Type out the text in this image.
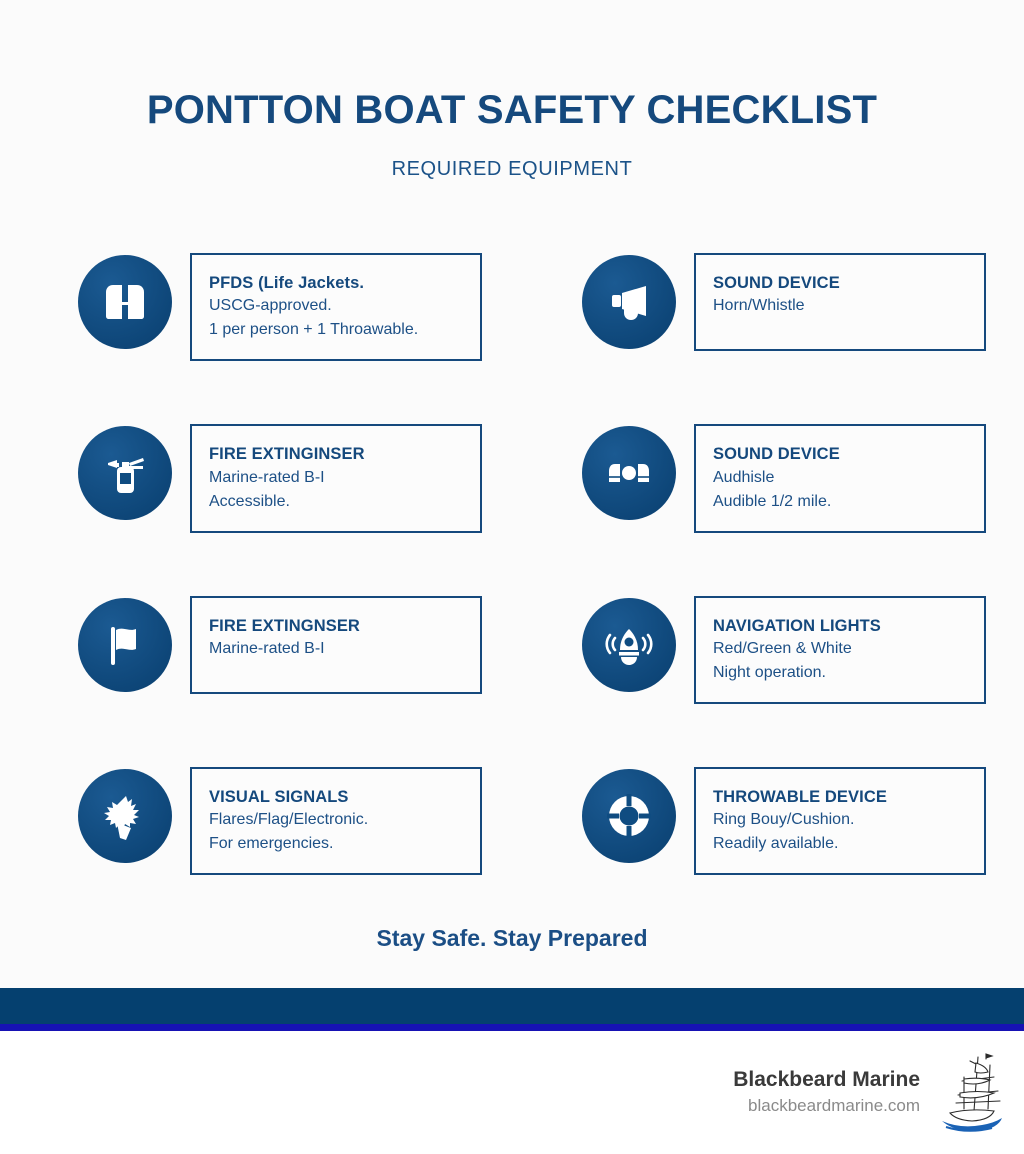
PONTTON BOAT SAFETY CHECKLIST
REQUIRED EQUIPMENT
PFDS (Life Jackets.
USCG-approved.
1 per person + 1 Throawable.
SOUND DEVICE
Horn/Whistle
FIRE EXTINGINSER
Marine-rated B-I
Accessible.
SOUND DEVICE
Audhisle
Audible 1/2 mile.
FIRE EXTINGNSER
Marine-rated B-I
NAVIGATION LIGHTS
Red/Green & White
Night operation.
VISUAL SIGNALS
Flares/Flag/Electronic.
For emergencies.
THROWABLE DEVICE
Ring Bouy/Cushion.
Readily available.
Stay Safe. Stay Prepared
Blackbeard Marine
blackbeardmarine.com
